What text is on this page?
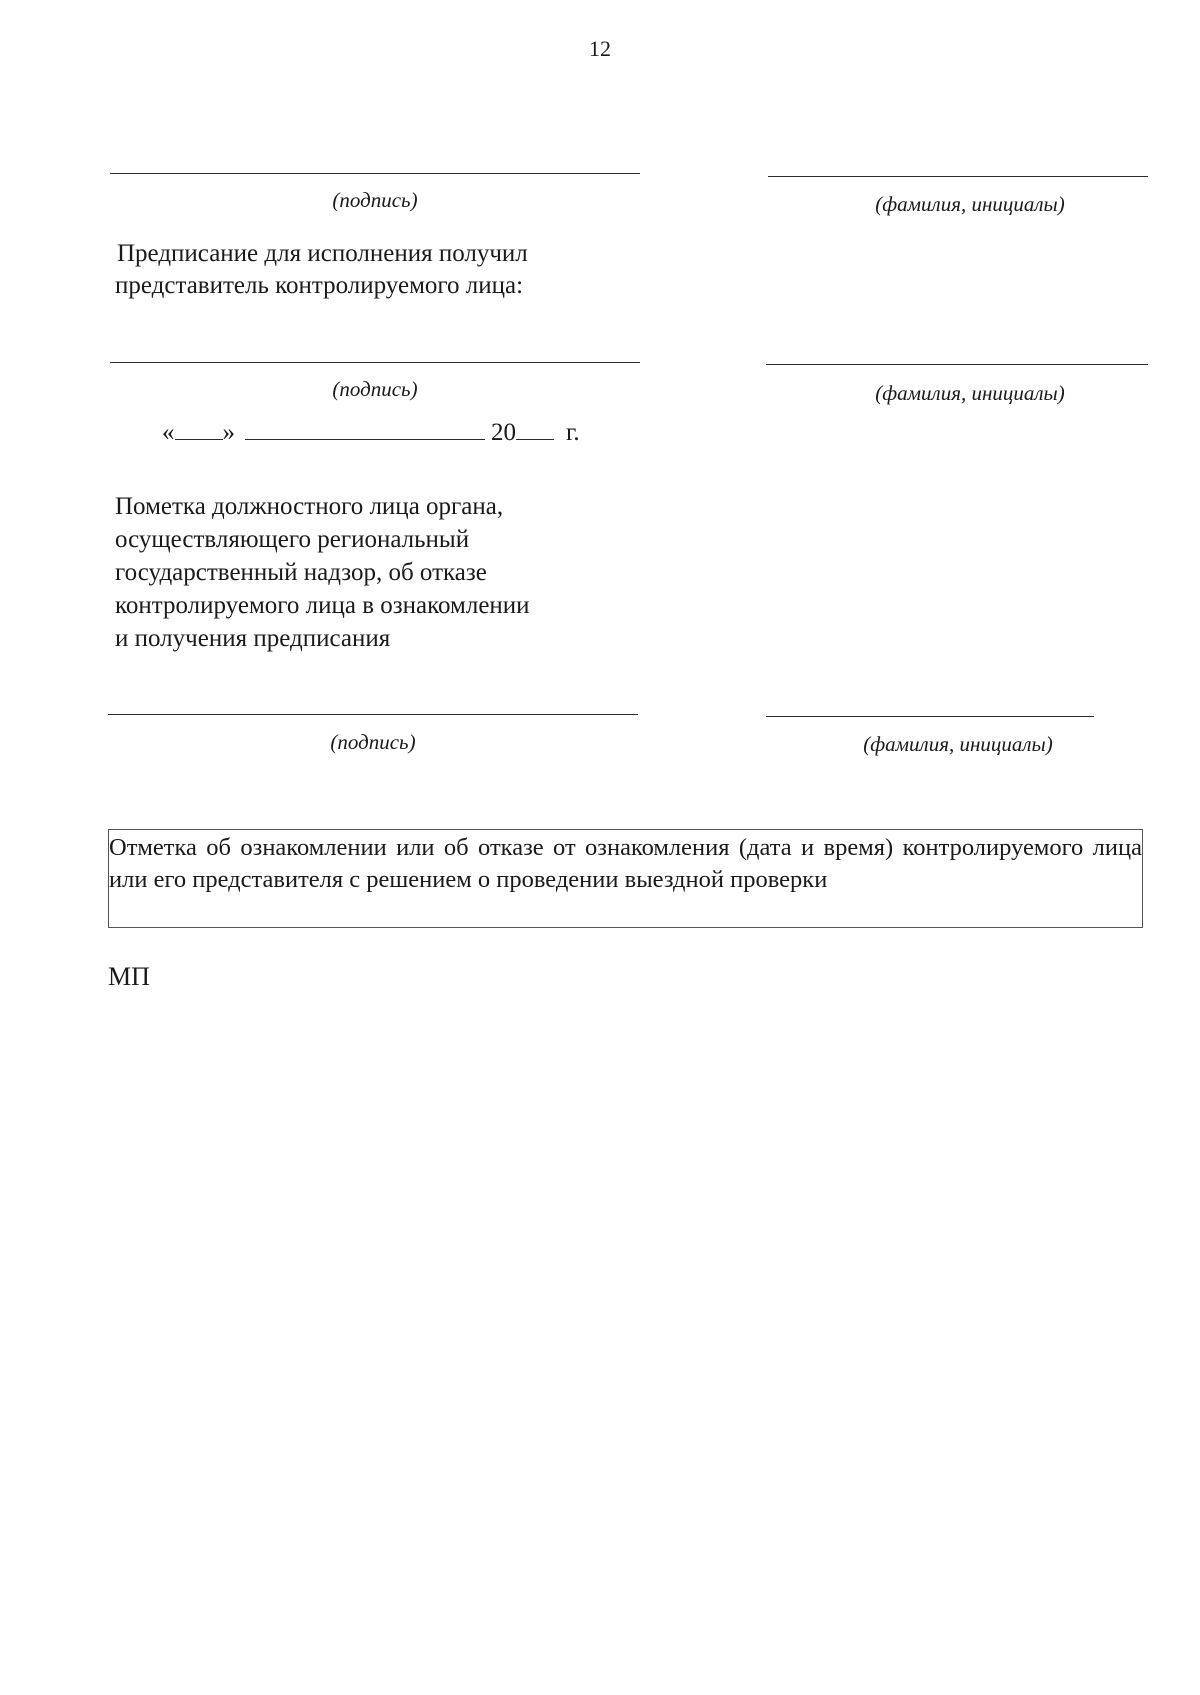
12
(подпись)	(фамилия, инициалы)
Предписание для исполнения получил
представитель контролируемого лица:
(подпись)	(фамилия, инициалы)
« »	20 г.
Пометка должностного лица органа,
осуществляющего региональный
государственный надзор, об отказе
контролируемого лица в ознакомлении
и получения предписания
(подпись)	(фамилия, инициалы)
Отметка об ознакомлении или об отказе от ознакомления (дата и время) контролируемого лица или его представителя с решением о проведении выездной проверки
МП
